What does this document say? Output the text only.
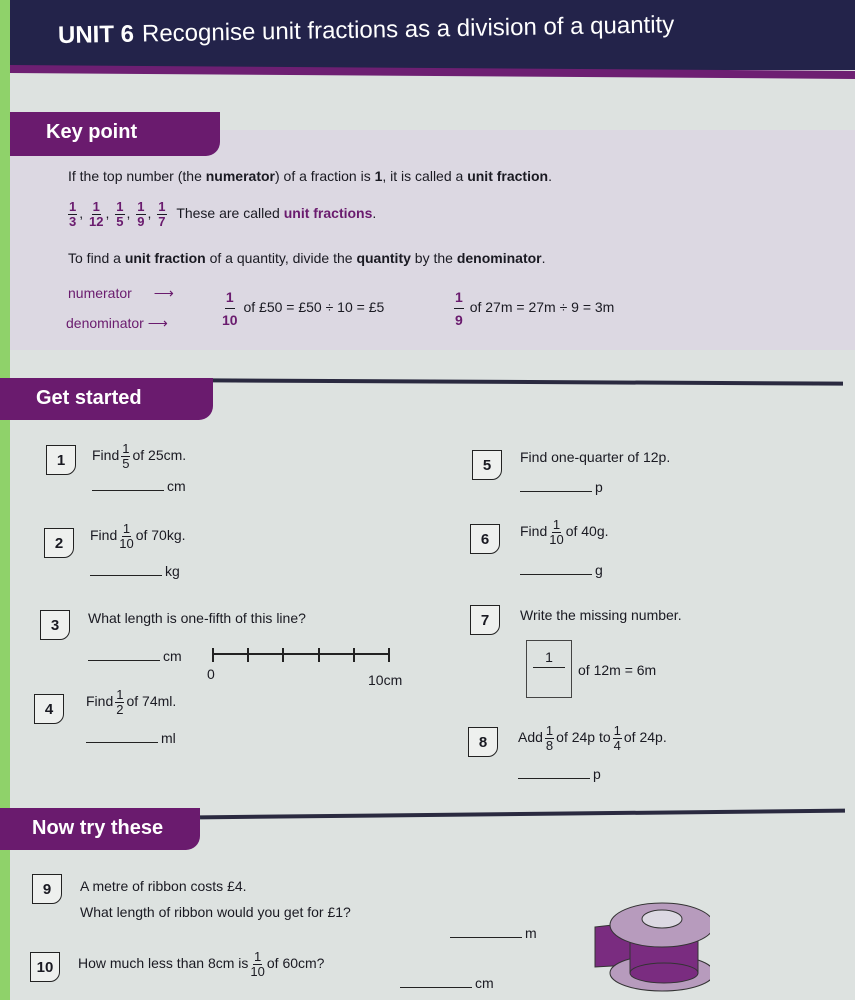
UNIT 6 Recognise unit fractions as a division of a quantity
Key point
If the top number (the numerator) of a fraction is 1, it is called a unit fraction.
$\frac{1}{3}$ , $\frac{1}{12}$ , $\frac{1}{5}$ , $\frac{1}{9}$ , $\frac{1}{7}$ These are called unit fractions.
To find a unit fraction of a quantity, divide the quantity by the denominator.
numerator ⟶
denominator ⟶	$\frac{1}{10}$ of £50 = £50 ÷ 10 = £5	$\frac{1}{9}$ of 27m = 27m ÷ 9 = 3m
Get started
1	Find $\frac{1}{5}$ of 25cm.
cm
2	Find $\frac{1}{10}$ of 70kg.
kg
3	What length is one-fifth of this line?
cm
0	10cm
4	Find $\frac{1}{2}$ of 74ml.
ml
5	Find one-quarter of 12p.
p
6	Find $\frac{1}{10}$ of 40g.
g
7	Write the missing number.
1
of 12m = 6m
8	Add $\frac{1}{8}$ of 24p to $\frac{1}{4}$ of 24p.
p
Now try these
9	A metre of ribbon costs £4.
What length of ribbon would you get for £1?
m
10	How much less than 8cm is $\frac{1}{10}$ of 60cm?
cm
